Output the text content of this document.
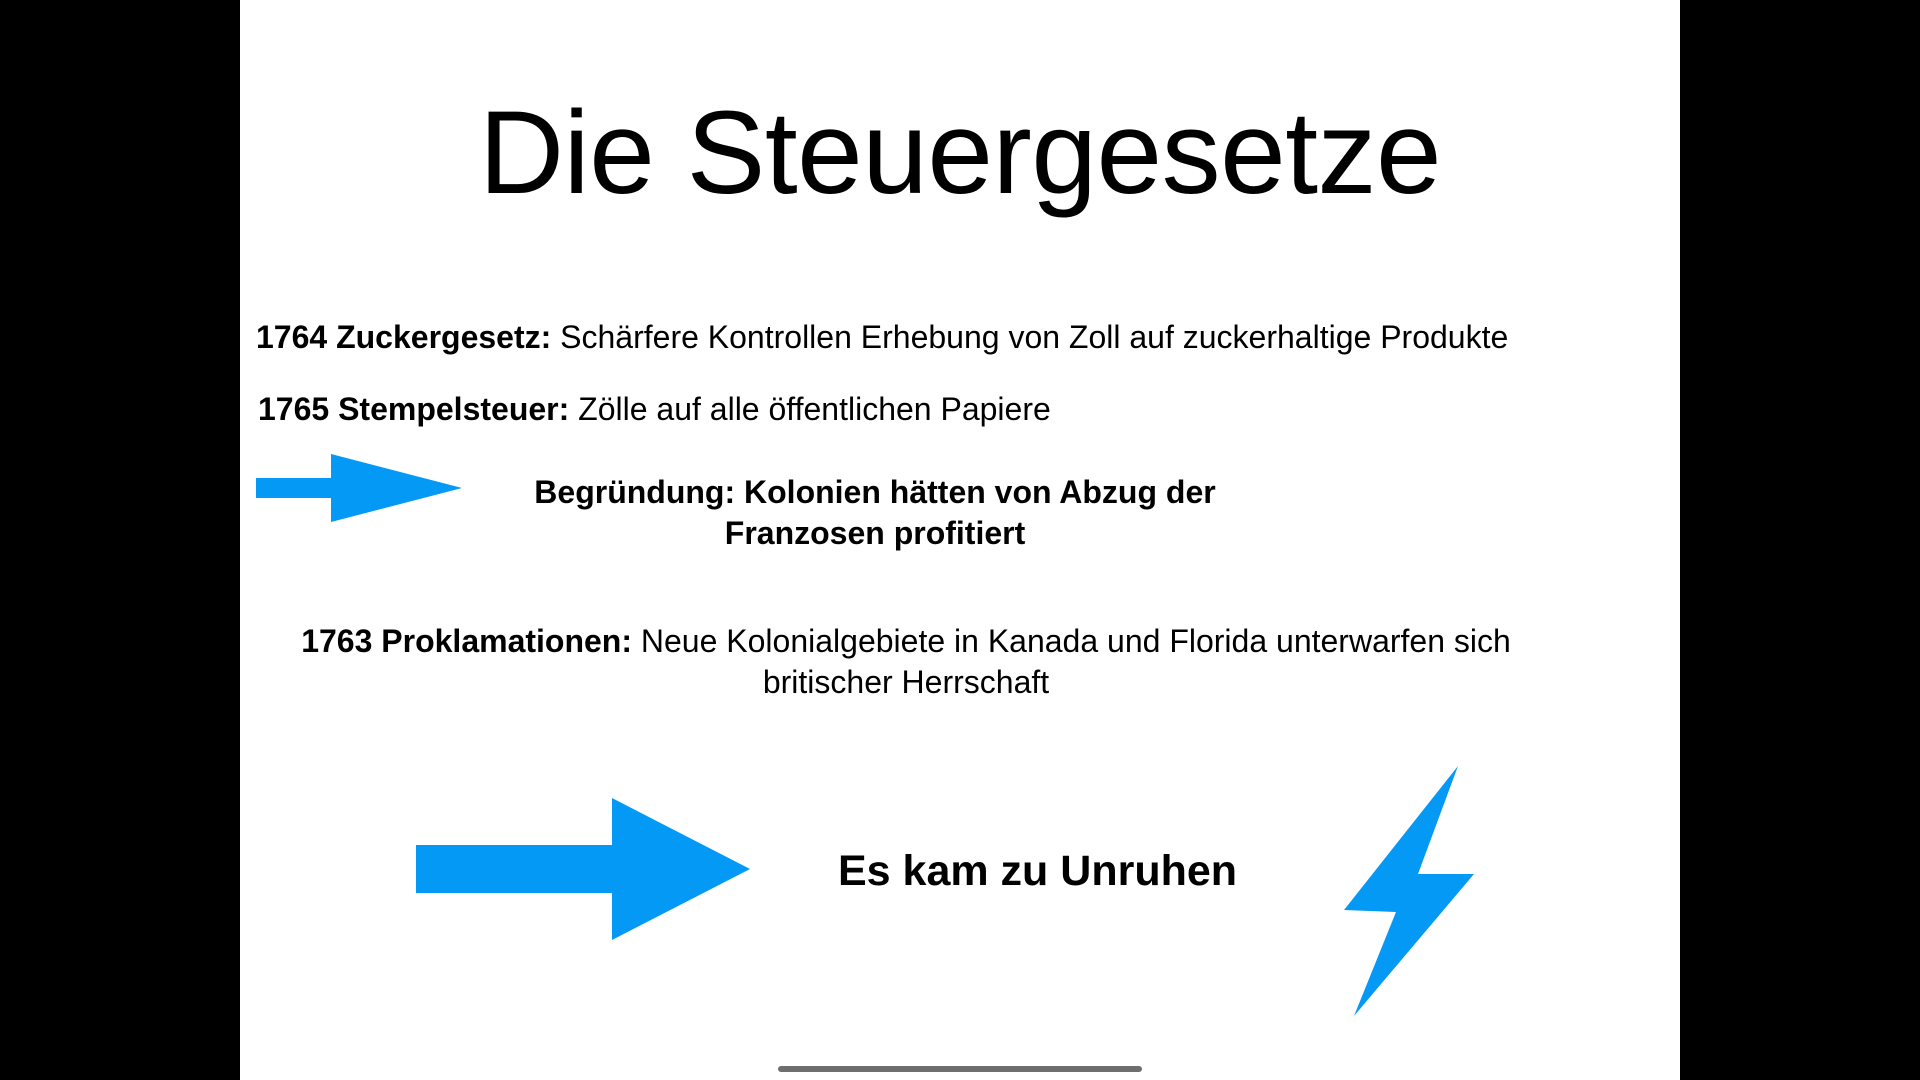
Die Steuergesetze
1764 Zuckergesetz: Schärfere Kontrollen Erhebung von Zoll auf zuckerhaltige Produkte
1765 Stempelsteuer: Zölle auf alle öffentlichen Papiere
Begründung: Kolonien hätten von Abzug der
Franzosen profitiert
1763 Proklamationen: Neue Kolonialgebiete in Kanada und Florida unterwarfen sich
britischer Herrschaft
Es kam zu Unruhen
